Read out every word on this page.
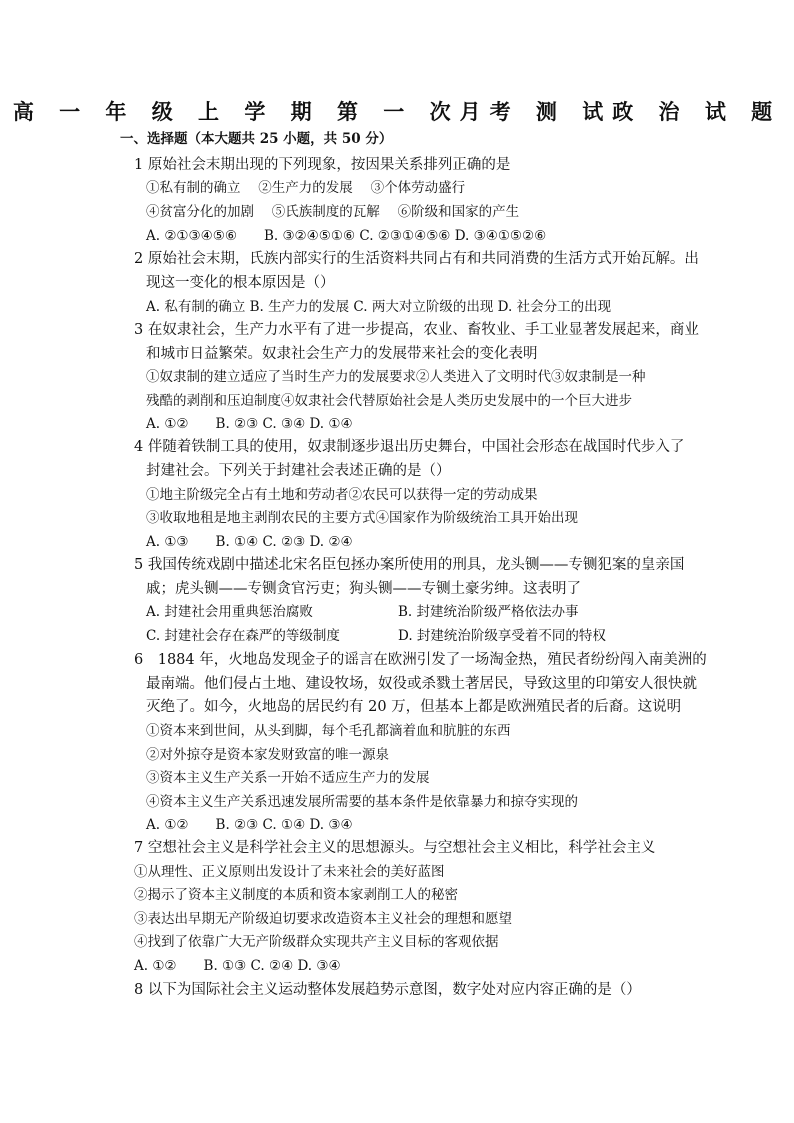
高 一 年 级 上 学 期 第 一 次月考 测 试政 治 试 题
一、选择题（本大题共 25 小题，共 50 分）
1 原始社会末期出现的下列现象，按因果关系排列正确的是
①私有制的确立　 ②生产力的发展　 ③个体劳动盛行
④贫富分化的加剧　 ⑤氏族制度的瓦解　 ⑥阶级和国家的产生
A. ②①③④⑤⑥　　B. ③②④⑤①⑥ C. ②③①④⑤⑥ D. ③④①⑤②⑥
2 原始社会末期，氏族内部实行的生活资料共同占有和共同消费的生活方式开始瓦解。出
现这一变化的根本原因是（）
A. 私有制的确立 B. 生产力的发展 C. 两大对立阶级的出现 D. 社会分工的出现
3 在奴隶社会，生产力水平有了进一步提高，农业、畜牧业、手工业显著发展起来，商业
和城市日益繁荣。奴隶社会生产力的发展带来社会的变化表明
①奴隶制的建立适应了当时生产力的发展要求②人类进入了文明时代③奴隶制是一种
残酷的剥削和压迫制度④奴隶社会代替原始社会是人类历史发展中的一个巨大进步
A. ①②　　B. ②③ C. ③④ D. ①④
4 伴随着铁制工具的使用，奴隶制逐步退出历史舞台，中国社会形态在战国时代步入了
封建社会。下列关于封建社会表述正确的是（）
①地主阶级完全占有土地和劳动者②农民可以获得一定的劳动成果
③收取地租是地主剥削农民的主要方式④国家作为阶级统治工具开始出现
A. ①③　　B. ①④ C. ②③ D. ②④
5 我国传统戏剧中描述北宋名臣包拯办案所使用的刑具，龙头铡——专铡犯案的皇亲国
戚；虎头铡——专铡贪官污吏；狗头铡——专铡土豪劣绅。这表明了
A. 封建社会用重典惩治腐败	B. 封建统治阶级严格依法办事
C. 封建社会存在森严的等级制度	D. 封建统治阶级享受着不同的特权
6　1884 年，火地岛发现金子的谣言在欧洲引发了一场淘金热，殖民者纷纷闯入南美洲的
最南端。他们侵占土地、建设牧场，奴役或杀戮土著居民，导致这里的印第安人很快就
灭绝了。如今，火地岛的居民约有 20 万，但基本上都是欧洲殖民者的后裔。这说明
①资本来到世间，从头到脚，每个毛孔都滴着血和肮脏的东西
②对外掠夺是资本家发财致富的唯一源泉
③资本主义生产关系一开始不适应生产力的发展
④资本主义生产关系迅速发展所需要的基本条件是依靠暴力和掠夺实现的
A. ①②　　B. ②③ C. ①④ D. ③④
7 空想社会主义是科学社会主义的思想源头。与空想社会主义相比，科学社会主义
①从理性、正义原则出发设计了未来社会的美好蓝图
②揭示了资本主义制度的本质和资本家剥削工人的秘密
③表达出早期无产阶级迫切要求改造资本主义社会的理想和愿望
④找到了依靠广大无产阶级群众实现共产主义目标的客观依据
A. ①②　　B. ①③ C. ②④ D. ③④
8 以下为国际社会主义运动整体发展趋势示意图，数字处对应内容正确的是（）
